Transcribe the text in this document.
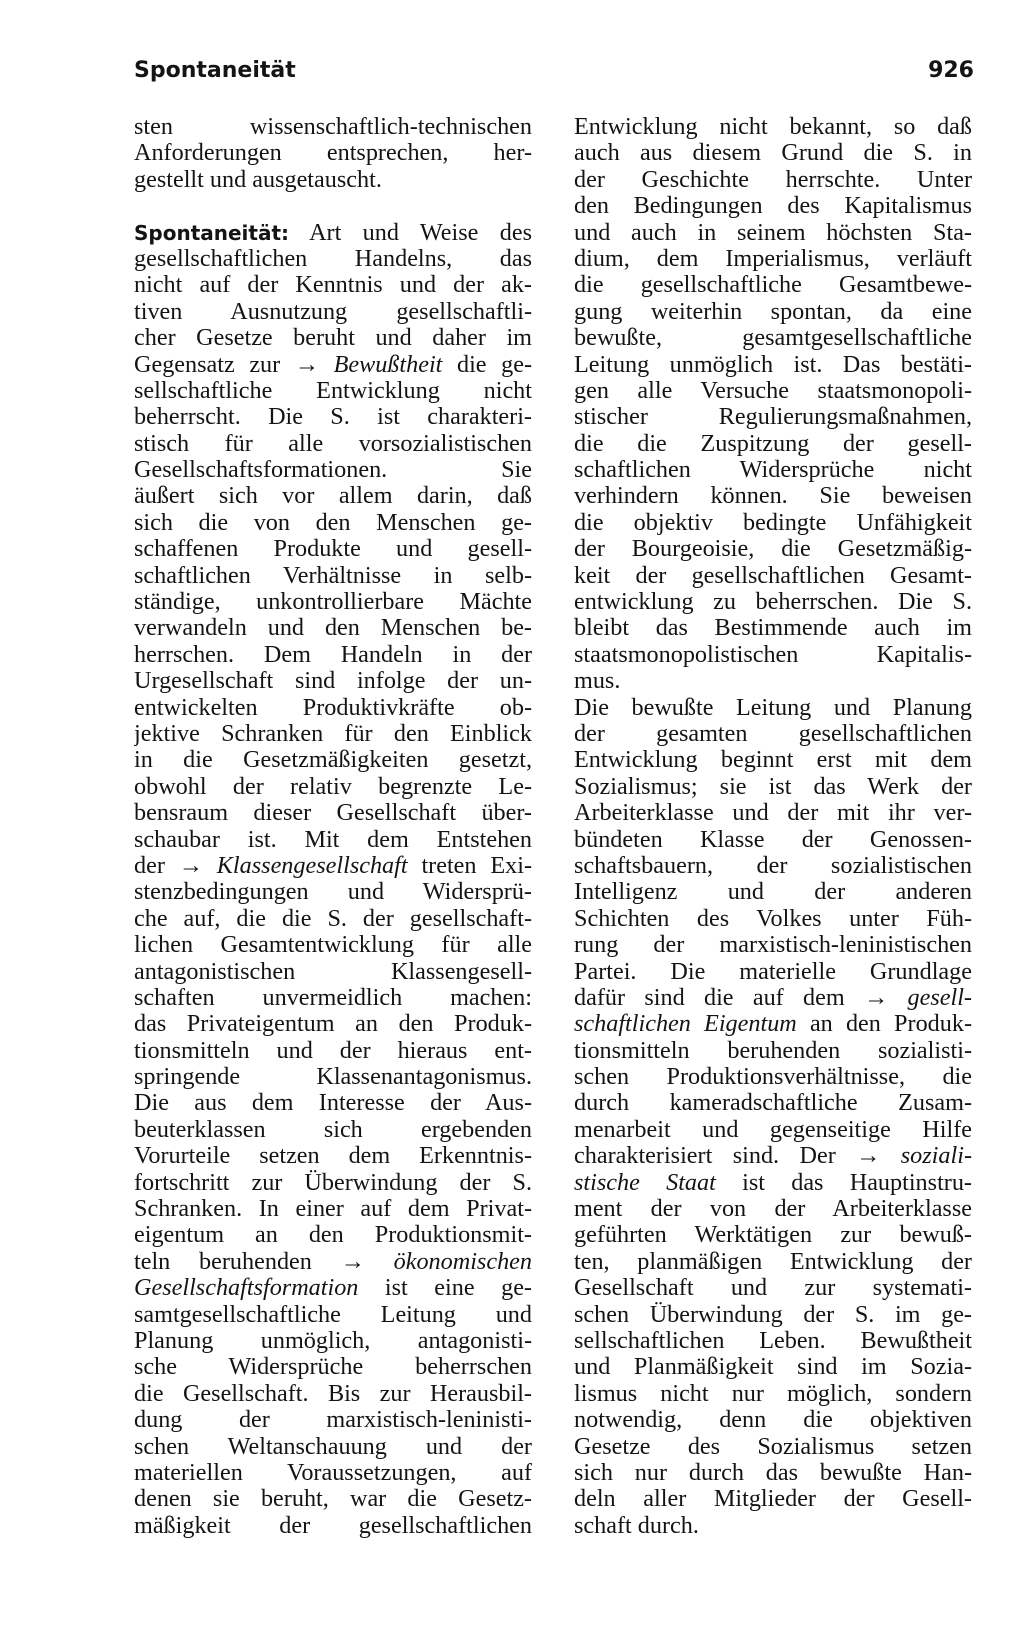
Spontaneität	926
sten wissenschaftlich-technischen
Anforderungen entsprechen, her-
gestellt und ausgetauscht.
Spontaneität: Art und Weise des
gesellschaftlichen Handelns, das
nicht auf der Kenntnis und der ak-
tiven Ausnutzung gesellschaftli-
cher Gesetze beruht und daher im
Gegensatz zur → Bewußtheit die ge-
sellschaftliche Entwicklung nicht
beherrscht. Die S. ist charakteri-
stisch für alle vorsozialistischen
Gesellschaftsformationen. Sie
äußert sich vor allem darin, daß
sich die von den Menschen ge-
schaffenen Produkte und gesell-
schaftlichen Verhältnisse in selb-
ständige, unkontrollierbare Mächte
verwandeln und den Menschen be-
herrschen. Dem Handeln in der
Urgesellschaft sind infolge der un-
entwickelten Produktivkräfte ob-
jektive Schranken für den Einblick
in die Gesetzmäßigkeiten gesetzt,
obwohl der relativ begrenzte Le-
bensraum dieser Gesellschaft über-
schaubar ist. Mit dem Entstehen
der → Klassengesellschaft treten Exi-
stenzbedingungen und Widersprü-
che auf, die die S. der gesellschaft-
lichen Gesamtentwicklung für alle
antagonistischen Klassengesell-
schaften unvermeidlich machen:
das Privateigentum an den Produk-
tionsmitteln und der hieraus ent-
springende Klassenantagonismus.
Die aus dem Interesse der Aus-
beuterklassen sich ergebenden
Vorurteile setzen dem Erkenntnis-
fortschritt zur Überwindung der S.
Schranken. In einer auf dem Privat-
eigentum an den Produktionsmit-
teln beruhenden → ökonomischen
Gesellschaftsformation ist eine ge-
samtgesellschaftliche Leitung und
Planung unmöglich, antagonisti-
sche Widersprüche beherrschen
die Gesellschaft. Bis zur Herausbil-
dung der marxistisch-leninisti-
schen Weltanschauung und der
materiellen Voraussetzungen, auf
denen sie beruht, war die Gesetz-
mäßigkeit der gesellschaftlichen
Entwicklung nicht bekannt, so daß
auch aus diesem Grund die S. in
der Geschichte herrschte. Unter
den Bedingungen des Kapitalismus
und auch in seinem höchsten Sta-
dium, dem Imperialismus, verläuft
die gesellschaftliche Gesamtbewe-
gung weiterhin spontan, da eine
bewußte, gesamtgesellschaftliche
Leitung unmöglich ist. Das bestäti-
gen alle Versuche staatsmonopoli-
stischer Regulierungsmaßnahmen,
die die Zuspitzung der gesell-
schaftlichen Widersprüche nicht
verhindern können. Sie beweisen
die objektiv bedingte Unfähigkeit
der Bourgeoisie, die Gesetzmäßig-
keit der gesellschaftlichen Gesamt-
entwicklung zu beherrschen. Die S.
bleibt das Bestimmende auch im
staatsmonopolistischen Kapitalis-
mus.
Die bewußte Leitung und Planung
der gesamten gesellschaftlichen
Entwicklung beginnt erst mit dem
Sozialismus; sie ist das Werk der
Arbeiterklasse und der mit ihr ver-
bündeten Klasse der Genossen-
schaftsbauern, der sozialistischen
Intelligenz und der anderen
Schichten des Volkes unter Füh-
rung der marxistisch-leninistischen
Partei. Die materielle Grundlage
dafür sind die auf dem → gesell-
schaftlichen Eigentum an den Produk-
tionsmitteln beruhenden sozialisti-
schen Produktionsverhältnisse, die
durch kameradschaftliche Zusam-
menarbeit und gegenseitige Hilfe
charakterisiert sind. Der → soziali-
stische Staat ist das Hauptinstru-
ment der von der Arbeiterklasse
geführten Werktätigen zur bewuß-
ten, planmäßigen Entwicklung der
Gesellschaft und zur systemati-
schen Überwindung der S. im ge-
sellschaftlichen Leben. Bewußtheit
und Planmäßigkeit sind im Sozia-
lismus nicht nur möglich, sondern
notwendig, denn die objektiven
Gesetze des Sozialismus setzen
sich nur durch das bewußte Han-
deln aller Mitglieder der Gesell-
schaft durch.
